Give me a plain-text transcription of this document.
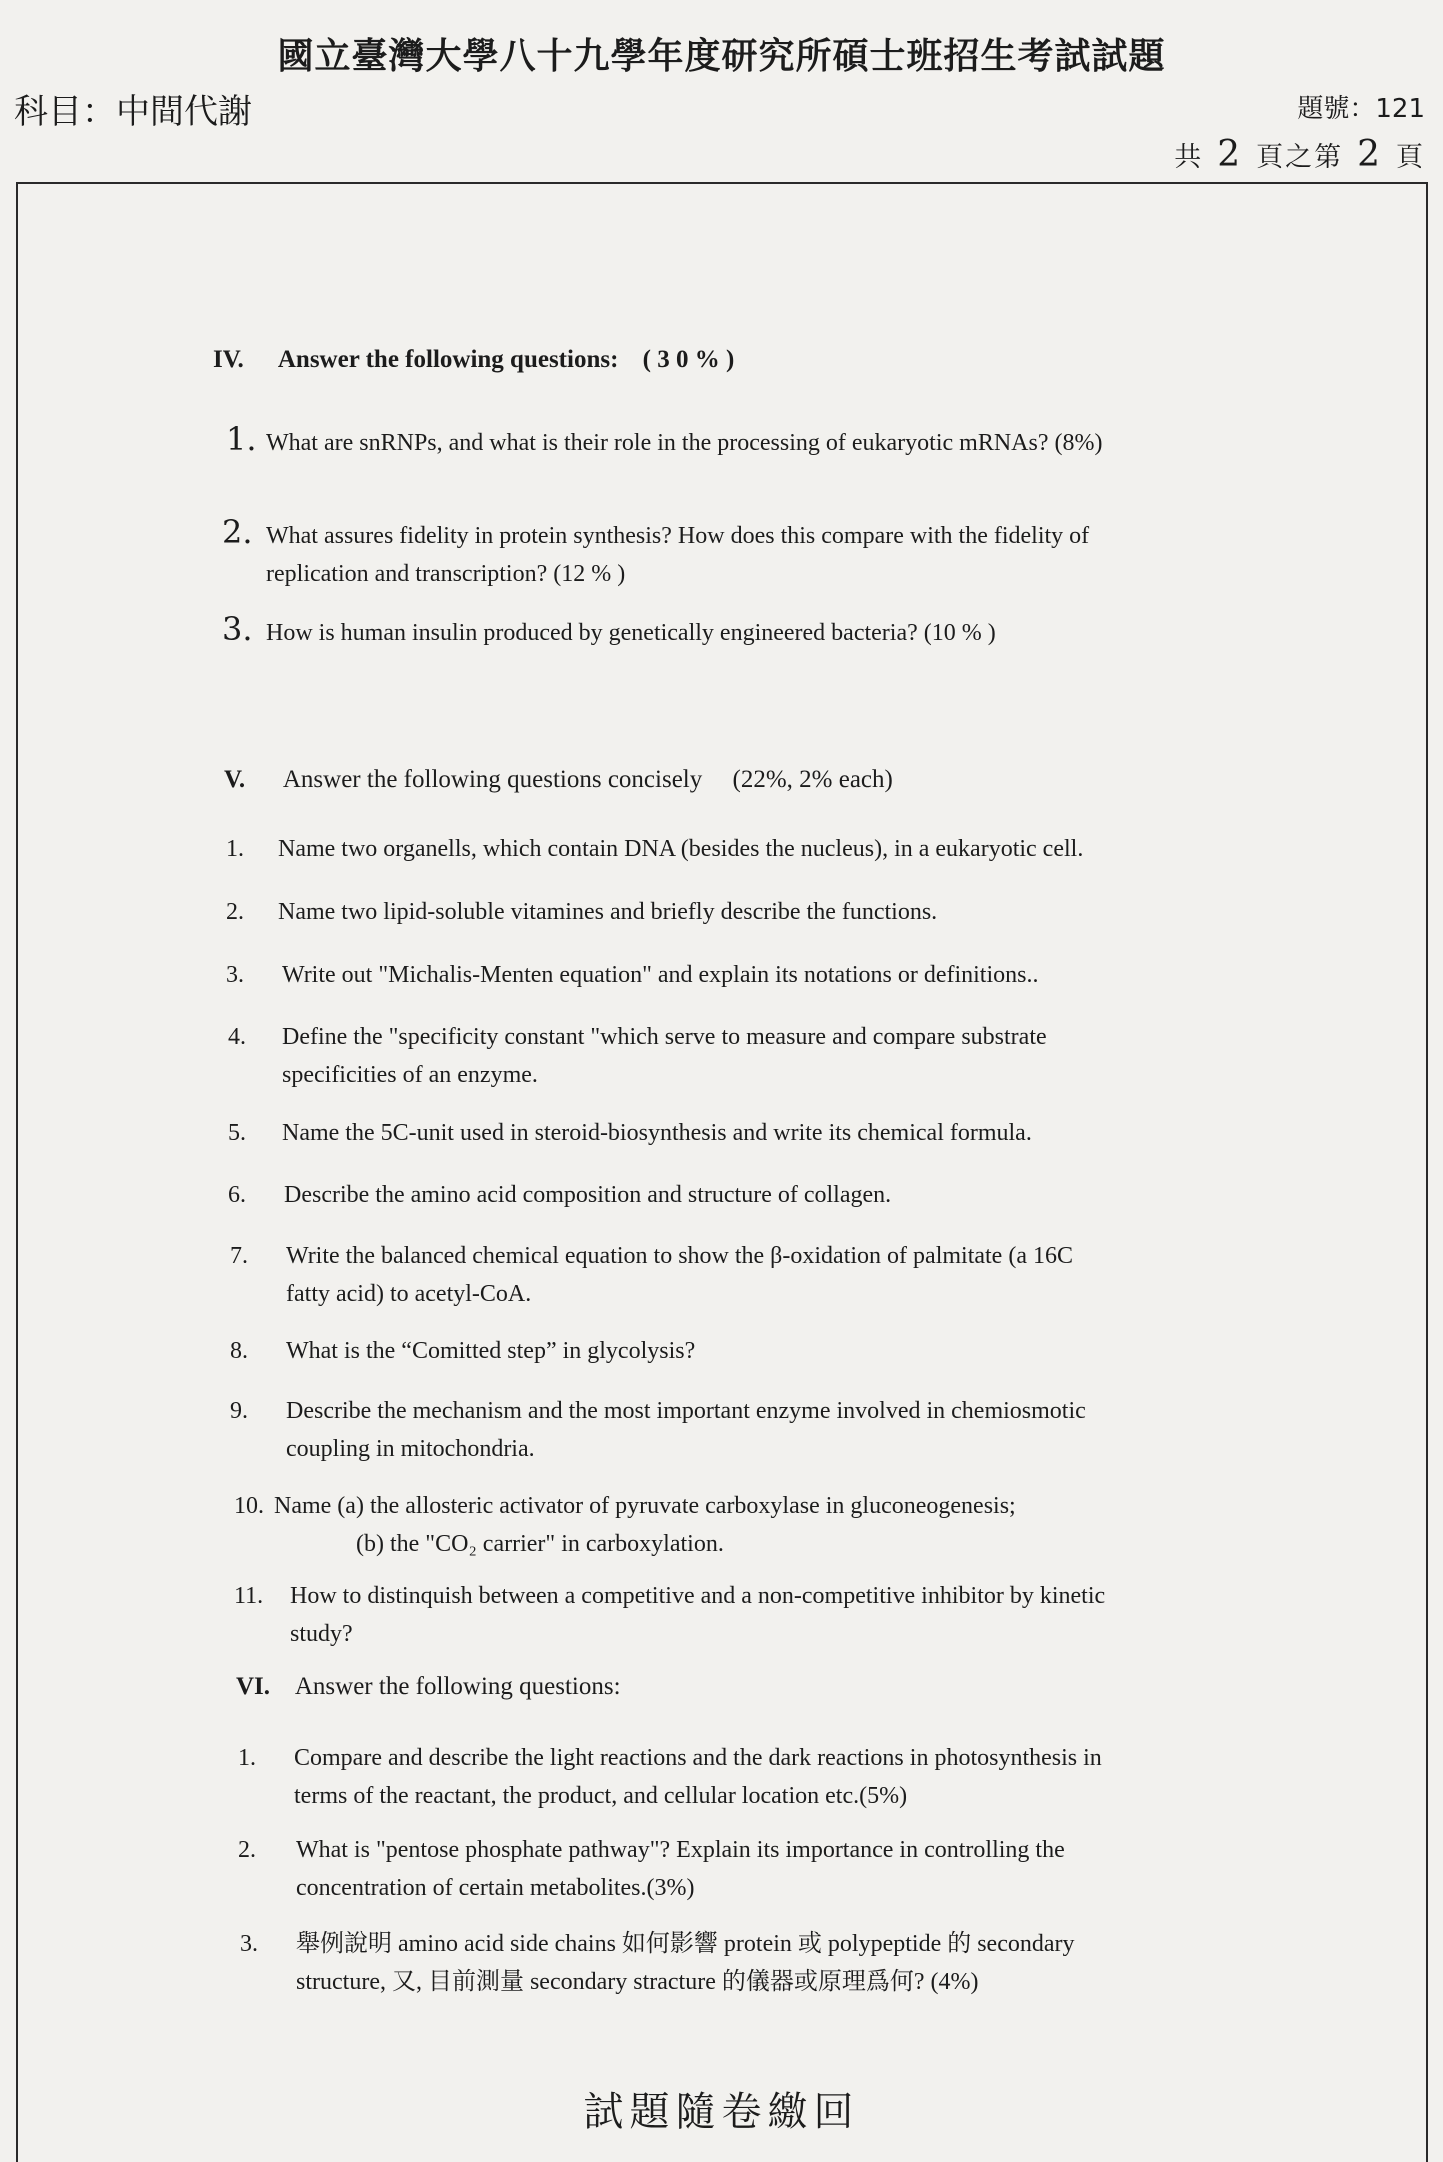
國立臺灣大學八十九學年度研究所碩士班招生考試試題
科目：中間代謝	題號：121
共 2 頁之第 2 頁
IV. Answer the following questions: ( 3 0 % )
1. What are snRNPs, and what is their role in the processing of eukaryotic mRNAs? (8%)
2. What assures fidelity in protein synthesis? How does this compare with the fidelity of
replication and transcription? (12 % )
3. How is human insulin produced by genetically engineered bacteria? (10 % )
V. Answer the following questions concisely (22%, 2% each)
1. Name two organells, which contain DNA (besides the nucleus), in a eukaryotic cell.
2. Name two lipid-soluble vitamines and briefly describe the functions.
3. Write out "Michalis-Menten equation" and explain its notations or definitions..
4. Define the "specificity constant "which serve to measure and compare substrate
specificities of an enzyme.
5. Name the 5C-unit used in steroid-biosynthesis and write its chemical formula.
6. Describe the amino acid composition and structure of collagen.
7. Write the balanced chemical equation to show the β-oxidation of palmitate (a 16C
fatty acid) to acetyl-CoA.
8. What is the “Comitted step” in glycolysis?
9. Describe the mechanism and the most important enzyme involved in chemiosmotic
coupling in mitochondria.
10. Name (a) the allosteric activator of pyruvate carboxylase in gluconeogenesis;
(b) the "CO₂ carrier" in carboxylation.
11. How to distinquish between a competitive and a non-competitive inhibitor by kinetic
study?
VI. Answer the following questions:
1. Compare and describe the light reactions and the dark reactions in photosynthesis in
terms of the reactant, the product, and cellular location etc.(5%)
2. What is "pentose phosphate pathway"? Explain its importance in controlling the
concentration of certain metabolites.(3%)
3. 舉例說明 amino acid side chains 如何影響 protein 或 polypeptide 的 secondary
structure, 又, 目前測量 secondary stracture 的儀器或原理爲何? (4%)
試題隨卷繳回
